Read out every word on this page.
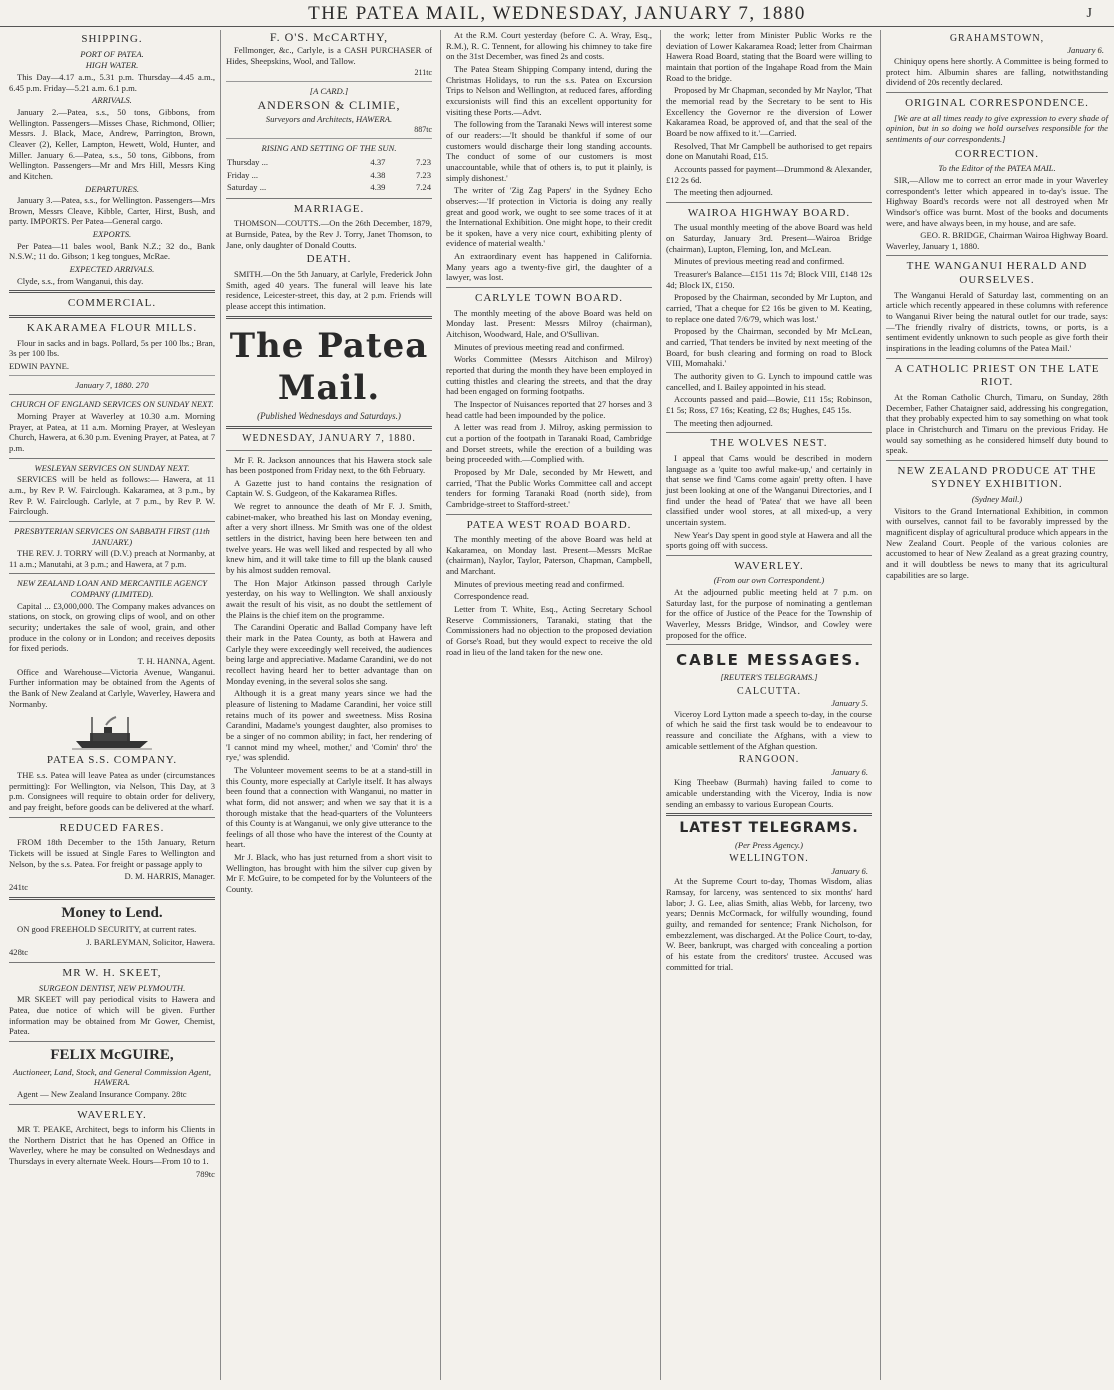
THE PATEA MAIL, WEDNESDAY, JANUARY 7, 1880	J
SHIPPING.
PORT OF PATEA.
HIGH WATER.

This Day—4.17 a.m., 5.31 p.m. Thursday—4.45 a.m., 6.45 p.m. Friday—5.21 a.m. 6.1 p.m.

ARRIVALS.

January 2.—Patea, s.s., 50 tons, Gibbons, from Wellington. Passengers—Misses Chase, Richmond, Ollier; Messrs. J. Black, Mace, Andrew, Parrington, Brown, Cleaver (2), Keller, Lampton, Hewett, Wold, Hunter, and Miller. January 6.—Patea, s.s., 50 tons, Gibbons, from Wellington. Passengers—Mr and Mrs Hill, Messrs King and Kitchen.

DEPARTURES.

January 3.—Patea, s.s., for Wellington. Passengers—Mrs Brown, Messrs Cleave, Kibble, Carter, Hirst, Bush, and party. IMPORTS. Per Patea—General cargo.

EXPORTS.

Per Patea—11 bales wool, Bank N.Z.; 32 do., Bank N.S.W.; 11 do. Gibson; 1 keg tongues, McRae.

EXPECTED ARRIVALS.

Clyde, s.s., from Wanganui, this day.

COMMERCIAL.
KAKARAMEA FLOUR MILLS.

Flour in sacks and in bags. Pollard, 5s per 100 lbs.; Bran, 3s per 100 lbs.

EDWIN PAYNE.
January 7, 1880. 270
CHURCH OF ENGLAND SERVICES ON SUNDAY NEXT.

Morning Prayer at Waverley at 10.30 a.m. Morning Prayer, at Patea, at 11 a.m. Morning Prayer, at Wesleyan Church, Hawera, at 6.30 p.m. Evening Prayer, at Patea, at 7 p.m.

WESLEYAN SERVICES ON SUNDAY NEXT.

SERVICES will be held as follows:— Hawera, at 11 a.m., by Rev P. W. Fairclough. Kakaramea, at 3 p.m., by Rev P. W. Fairclough. Carlyle, at 7 p.m., by Rev P. W. Fairclough.

PRESBYTERIAN SERVICES ON SABBATH FIRST (11th JANUARY.)

THE REV. J. TORRY will (D.V.) preach at Normanby, at 11 a.m.; Manutahi, at 3 p.m.; and Hawera, at 7 p.m.

NEW ZEALAND LOAN AND MERCANTILE AGENCY COMPANY (LIMITED).

Capital ... £3,000,000. The Company makes advances on stations, on stock, on growing clips of wool, and on other security; undertakes the sale of wool, grain, and other produce in the colony or in London; and receives deposits for fixed periods.

T. H. HANNA, Agent.

Office and Warehouse—Victoria Avenue, Wanganui. Further information may be obtained from the Agents of the Bank of New Zealand at Carlyle, Waverley, Hawera and Normanby.

PATEA S.S. COMPANY.

THE s.s. Patea will leave Patea as under (circumstances permitting): For Wellington, via Nelson, This Day, at 3 p.m. Consignees will require to obtain order for delivery, and pay freight, before goods can be delivered at the wharf.

REDUCED FARES.

FROM 18th December to the 15th January, Return Tickets will be issued at Single Fares to Wellington and Nelson, by the s.s. Patea. For freight or passage apply to

D. M. HARRIS, Manager.
241tc
Money to Lend.

ON good FREEHOLD SECURITY, at current rates.

J. BARLEYMAN, Solicitor, Hawera.
428tc
MR W. H. SKEET,
SURGEON DENTIST, NEW PLYMOUTH.

MR SKEET will pay periodical visits to Hawera and Patea, due notice of which will be given. Further information may be obtained from Mr Gower, Chemist, Patea.

FELIX McGUIRE,
Auctioneer, Land, Stock, and General Commission Agent, HAWERA.

Agent — New Zealand Insurance Company. 28tc

WAVERLEY.

MR T. PEAKE, Architect, begs to inform his Clients in the Northern District that he has Opened an Office in Waverley, where he may be consulted on Wednesdays and Thursdays in every alternate Week. Hours—From 10 to 1.

789tc
F. O'S. McCARTHY,

Fellmonger, &c., Carlyle, is a CASH PURCHASER of Hides, Sheepskins, Wool, and Tallow.

211tc
[A CARD.]
ANDERSON & CLIMIE,
Surveyors and Architects, HAWERA.
887tc
RISING AND SETTING OF THE SUN.
Thursday ...	4.37	7.23
Friday ...	4.38	7.23
Saturday ...	4.39	7.24
MARRIAGE.

THOMSON—COUTTS.—On the 26th December, 1879, at Burnside, Patea, by the Rev J. Torry, Janet Thomson, to Jane, only daughter of Donald Coutts.

DEATH.

SMITH.—On the 5th January, at Carlyle, Frederick John Smith, aged 40 years. The funeral will leave his late residence, Leicester-street, this day, at 2 p.m. Friends will please accept this intimation.

The Patea Mail.
(Published Wednesdays and Saturdays.)
WEDNESDAY, JANUARY 7, 1880.

Mr F. R. Jackson announces that his Hawera stock sale has been postponed from Friday next, to the 6th February.

A Gazette just to hand contains the resignation of Captain W. S. Gudgeon, of the Kakaramea Rifles.

We regret to announce the death of Mr F. J. Smith, cabinet-maker, who breathed his last on Monday evening, after a very short illness. Mr Smith was one of the oldest settlers in the district, having been here between ten and twelve years. He was well liked and respected by all who knew him, and it will take time to fill up the blank caused by his almost sudden removal.

The Hon Major Atkinson passed through Carlyle yesterday, on his way to Wellington. We shall anxiously await the result of his visit, as no doubt the settlement of the Plains is the chief item on the programme.

The Carandini Operatic and Ballad Company have left their mark in the Patea County, as both at Hawera and Carlyle they were exceedingly well received, the audiences being large and appreciative. Madame Carandini, we do not recollect having heard her to better advantage than on Monday evening, in the several solos she sang.

Although it is a great many years since we had the pleasure of listening to Madame Carandini, her voice still retains much of its power and sweetness. Miss Rosina Carandini, Madame's youngest daughter, also promises to be a singer of no common ability; in fact, her rendering of 'I cannot mind my wheel, mother,' and 'Comin' thro' the rye,' was splendid.

The Volunteer movement seems to be at a stand-still in this County, more especially at Carlyle itself. It has always been found that a connection with Wanganui, no matter in what form, did not answer; and when we say that it is a thorough mistake that the head-quarters of the Volunteers of this County is at Wanganui, we only give utterance to the feelings of all those who have the interest of the County at heart.

Mr J. Black, who has just returned from a short visit to Wellington, has brought with him the silver cup given by Mr F. McGuire, to be competed for by the Volunteers of the County.

At the R.M. Court yesterday (before C. A. Wray, Esq., R.M.), R. C. Tennent, for allowing his chimney to take fire on the 31st December, was fined 2s and costs.

The Patea Steam Shipping Company intend, during the Christmas Holidays, to run the s.s. Patea on Excursion Trips to Nelson and Wellington, at reduced fares, affording excursionists will find this an excellent opportunity for visiting these Ports.—Advt.

The following from the Taranaki News will interest some of our readers:—'It should be thankful if some of our customers would discharge their long standing accounts. The conduct of some of our customers is most unaccountable, while that of others is, to put it plainly, is simply dishonest.'

The writer of 'Zig Zag Papers' in the Sydney Echo observes:—'If protection in Victoria is doing any really great and good work, we ought to see some traces of it at the International Exhibition. One might hope, to their credit be it spoken, have a very nice court, exhibiting plenty of evidence of material wealth.'

An extraordinary event has happened in California. Many years ago a twenty-five girl, the daughter of a lawyer, was lost.

CARLYLE TOWN BOARD.

The monthly meeting of the above Board was held on Monday last. Present: Messrs Milroy (chairman), Aitchison, Woodward, Hale, and O'Sullivan.

Minutes of previous meeting read and confirmed.

Works Committee (Messrs Aitchison and Milroy) reported that during the month they have been employed in cutting thistles and clearing the streets, and that the dray had been engaged on forming footpaths.

The Inspector of Nuisances reported that 27 horses and 3 head cattle had been impounded by the police.

A letter was read from J. Milroy, asking permission to cut a portion of the footpath in Taranaki Road, Cambridge and Dorset streets, while the erection of a building was being proceeded with.—Complied with.

Proposed by Mr Dale, seconded by Mr Hewett, and carried, 'That the Public Works Committee call and accept tenders for forming Taranaki Road (north side), from Cambridge-street to Stafford-street.'

PATEA WEST ROAD BOARD.

The monthly meeting of the above Board was held at Kakaramea, on Monday last. Present—Messrs McRae (chairman), Naylor, Taylor, Paterson, Chapman, Campbell, and Marchant.

Minutes of previous meeting read and confirmed.

Correspondence read.

Letter from T. White, Esq., Acting Secretary School Reserve Commissioners, Taranaki, stating that the Commissioners had no objection to the proposed deviation of Gorse's Road, but they would expect to receive the old road in lieu of the land taken for the new one.

the work; letter from Minister Public Works re the deviation of Lower Kakaramea Road; letter from Chairman Hawera Road Board, stating that the Board were willing to maintain that portion of the Ingahape Road from the Main Road to the bridge.

Proposed by Mr Chapman, seconded by Mr Naylor, 'That the memorial read by the Secretary to be sent to His Excellency the Governor re the diversion of Lower Kakaramea Road, be approved of, and that the seal of the Board be now affixed to it.'—Carried.

Resolved, That Mr Campbell be authorised to get repairs done on Manutahi Road, £15.

Accounts passed for payment—Drummond & Alexander, £12 2s 6d.

The meeting then adjourned.

WAIROA HIGHWAY BOARD.

The usual monthly meeting of the above Board was held on Saturday, January 3rd. Present—Wairoa Bridge (chairman), Lupton, Fleming, Ion, and McLean.

Minutes of previous meeting read and confirmed.

Treasurer's Balance—£151 11s 7d; Block VIII, £148 12s 4d; Block IX, £150.

Proposed by the Chairman, seconded by Mr Lupton, and carried, 'That a cheque for £2 16s be given to M. Keating, to replace one dated 7/6/79, which was lost.'

Proposed by the Chairman, seconded by Mr McLean, and carried, 'That tenders be invited by next meeting of the Board, for bush clearing and forming on road to Block VIII, Momahaki.'

The authority given to G. Lynch to impound cattle was cancelled, and I. Bailey appointed in his stead.

Accounts passed and paid—Bowie, £11 15s; Robinson, £1 5s; Ross, £7 16s; Keating, £2 8s; Hughes, £45 15s.

The meeting then adjourned.

THE WOLVES NEST.

I appeal that Cams would be described in modern language as a 'quite too awful make-up,' and certainly in that sense we find 'Cams come again' pretty often. I have just been looking at one of the Wanganui Directories, and I find under the head of 'Patea' that we have all been classified under wool stores, at all mixed-up, a very uncertain system.

New Year's Day spent in good style at Hawera and all the sports going off with success.

WAVERLEY.
(From our own Correspondent.)

At the adjourned public meeting held at 7 p.m. on Saturday last, for the purpose of nominating a gentleman for the office of Justice of the Peace for the Township of Waverley, Messrs Bridge, Windsor, and Cowley were proposed for the office.

CABLE MESSAGES.
[REUTER'S TELEGRAMS.]
CALCUTTA.
January 5.

Viceroy Lord Lytton made a speech to-day, in the course of which he said the first task would be to endeavour to reassure and conciliate the Afghans, with a view to amicable settlement of the Afghan question.

RANGOON.
January 6.

King Theebaw (Burmah) having failed to come to amicable understanding with the Viceroy, India is now sending an embassy to various European Courts.

LATEST TELEGRAMS.
(Per Press Agency.)
WELLINGTON.
January 6.

At the Supreme Court to-day, Thomas Wisdom, alias Ramsay, for larceny, was sentenced to six months' hard labor; J. G. Lee, alias Smith, alias Webb, for larceny, two years; Dennis McCormack, for wilfully wounding, found guilty, and remanded for sentence; Frank Nicholson, for embezzlement, was discharged. At the Police Court, to-day, W. Beer, bankrupt, was charged with concealing a portion of his estate from the creditors' trustee. Accused was committed for trial.

GRAHAMSTOWN,
January 6.

Chiniquy opens here shortly. A Committee is being formed to protect him. Albumin shares are falling, notwithstanding dividend of 20s recently declared.

ORIGINAL CORRESPONDENCE.

[We are at all times ready to give expression to every shade of opinion, but in so doing we hold ourselves responsible for the sentiments of our correspondents.]

CORRECTION.
To the Editor of the PATEA MAIL.

SIR,—Allow me to correct an error made in your Waverley correspondent's letter which appeared in to-day's issue. The Highway Board's records were not all destroyed when Mr Windsor's office was burnt. Most of the books and documents were, and have always been, in my house, and are safe.

GEO. R. BRIDGE, Chairman Wairoa Highway Board.
Waverley, January 1, 1880.
THE WANGANUI HERALD AND OURSELVES.

The Wanganui Herald of Saturday last, commenting on an article which recently appeared in these columns with reference to Wanganui River being the natural outlet for our trade, says:—'The friendly rivalry of districts, towns, or ports, is a sentiment evidently unknown to such people as give forth their inspirations in the leading columns of the Patea Mail.'

A CATHOLIC PRIEST ON THE LATE RIOT.

At the Roman Catholic Church, Timaru, on Sunday, 28th December, Father Chataigner said, addressing his congregation, that they probably expected him to say something on what took place in Christchurch and Timaru on the previous Friday. He would say something as he considered himself duty bound to speak.

NEW ZEALAND PRODUCE AT THE SYDNEY EXHIBITION.
(Sydney Mail.)

Visitors to the Grand International Exhibition, in common with ourselves, cannot fail to be favorably impressed by the magnificent display of agricultural produce which appears in the New Zealand Court. People of the various colonies are accustomed to hear of New Zealand as a great grazing country, and it will doubtless be news to many that its agricultural capabilities are so large.
